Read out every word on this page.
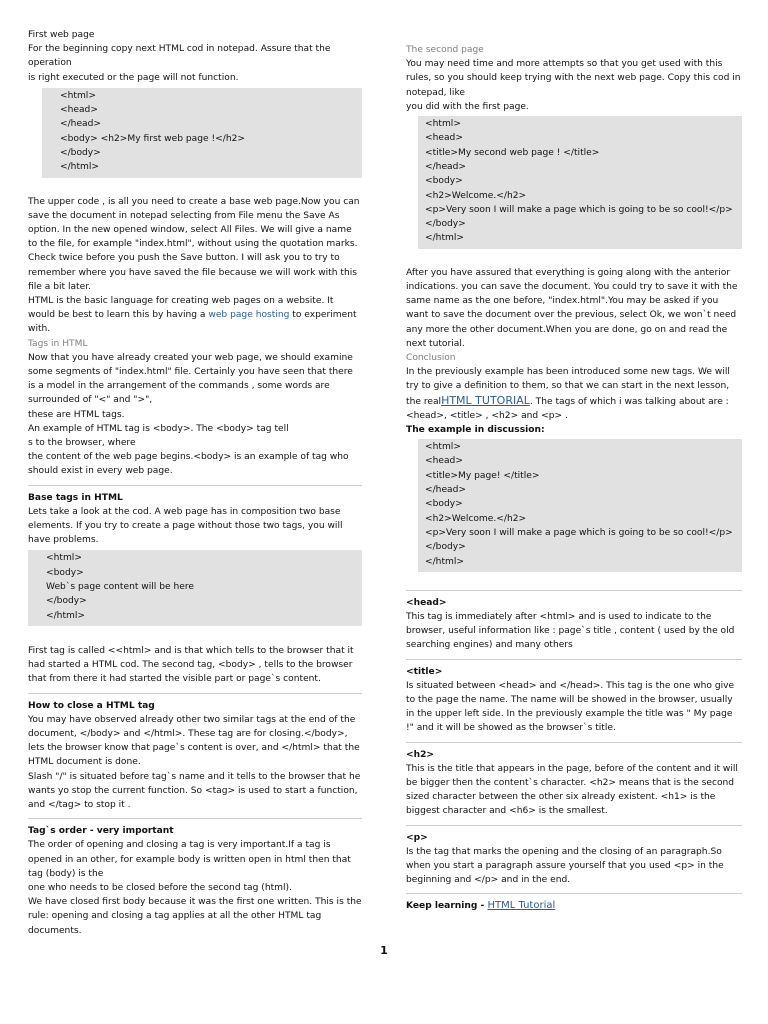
First web page

For the beginning copy next HTML cod in notepad. Assure that the operation

is right executed or the page will not function.

<html>
<head>
</head>
<body> <h2>My first web page !</h2>
</body>
</html>

The upper code , is all you need to create a base web page.Now you can save the document in notepad selecting from File menu the Save As option. In the new opened window, select All Files. We will give a name to the file, for example "index.html", without using the quotation marks. Check twice before you push the Save button. I will ask you to try to remember where you have saved the file because we will work with this file a bit later.

HTML is the basic language for creating web pages on a website. It would be best to learn this by having a web page hosting to experiment with.

Tags in HTML

Now that you have already created your web page, we should examine some segments of "index.html" file. Certainly you have seen that there is a model in the arrangement of the commands , some words are surrounded of "<" and ">",

these are HTML tags.

An example of HTML tag is <body>. The <body> tag tell

s to the browser, where

the content of the web page begins.<body> is an example of tag who should exist in every web page.

Base tags in HTML

Lets take a look at the cod. A web page has in composition two base elements. If you try to create a page without those two tags, you will have problems.

<html>
<body>
Web`s page content will be here
</body>
</html>

First tag is called <<html> and is that which tells to the browser that it had started a HTML cod. The second tag, <body> , tells to the browser that from there it had started the visible part or page`s content.

How to close a HTML tag

You may have observed already other two similar tags at the end of the document, </body> and </html>. These tag are for closing.</body>, lets the browser know that page`s content is over, and </html> that the HTML document is done.

Slash "/" is situated before tag`s name and it tells to the browser that he wants yo stop the current function. So <tag> is used to start a function, and </tag> to stop it .

Tag`s order - very important

The order of opening and closing a tag is very important.If a tag is opened in an other, for example body is written open in html then that tag (body) is the

one who needs to be closed before the second tag (html).

We have closed first body because it was the first one written. This is the rule: opening and closing a tag applies at all the other HTML tag documents.

The second page

You may need time and more attempts so that you get used with this rules, so you should keep trying with the next web page. Copy this cod in notepad, like

you did with the first page.

<html>
<head>
<title>My second web page ! </title>
</head>
<body>
<h2>Welcome.</h2>
<p>Very soon I will make a page which is going to be so cool!</p>
</body>
</html>

After you have assured that everything is going along with the anterior indications. you can save the document. You could try to save it with the same name as the one before, "index.html".You may be asked if you want to save the document over the previous, select Ok, we won`t need any more the other document.When you are done, go on and read the next tutorial.

Conclusion

In the previously example has been introduced some new tags. We will try to give a definition to them, so that we can start in the next lesson, the realHTML TUTORIAL. The tags of which i was talking about are : <head>, <title> , <h2> and <p> .

The example in discussion:

<html>
<head>
<title>My page! </title>
</head>
<body>
<h2>Welcome.</h2>
<p>Very soon I will make a page which is going to be so cool!</p>
</body>
</html>

<head>

This tag is immediately after <html> and is used to indicate to the browser, useful information like : page`s title , content ( used by the old searching engines) and many others

<title>

Is situated between <head> and </head>. This tag is the one who give to the page the name. The name will be showed in the browser, usually in the upper left side. In the previously example the title was " My page !" and it will be showed as the browser`s title.

<h2>

This is the title that appears in the page, before of the content and it will be bigger then the content`s character. <h2> means that is the second sized character between the other six already existent. <h1> is the biggest character and <h6> is the smallest.

<p>

Is the tag that marks the opening and the closing of an paragraph.So when you start a paragraph assure yourself that you used <p> in the beginning and </p> and in the end.

Keep learning - HTML Tutorial

1
